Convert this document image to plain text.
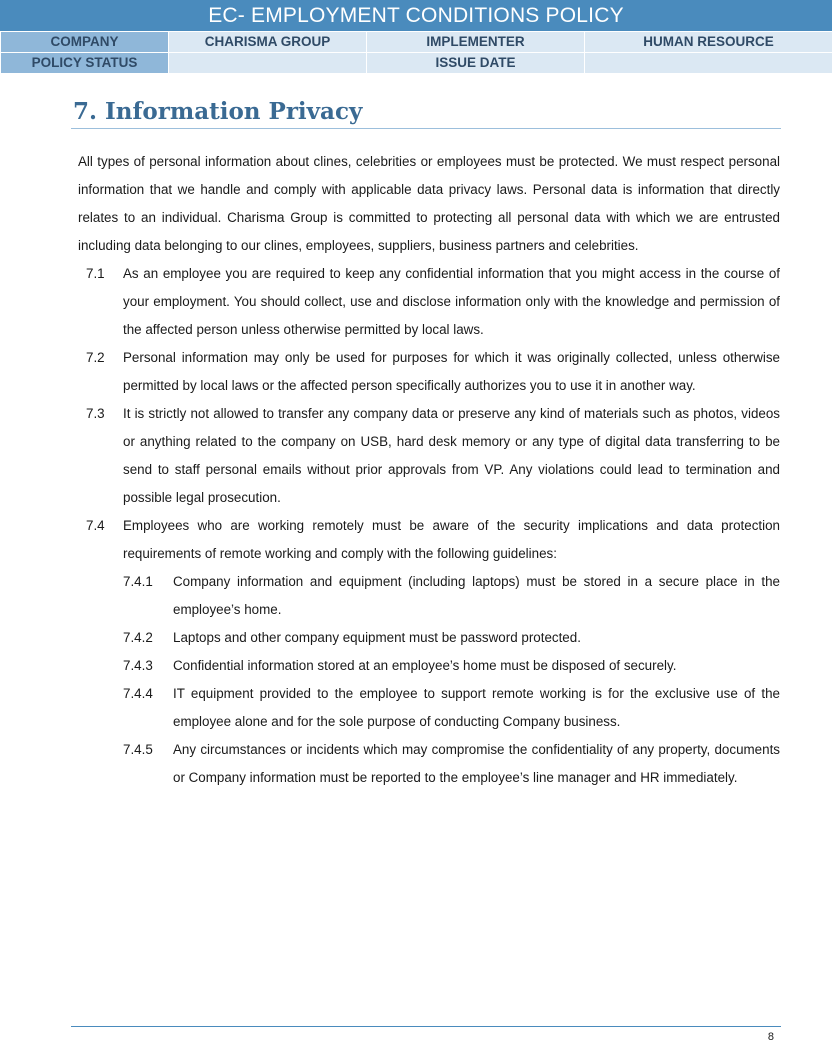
EC- EMPLOYMENT CONDITIONS POLICY
COMPANY	CHARISMA GROUP	IMPLEMENTER	HUMAN RESOURCE
POLICY STATUS		ISSUE DATE	
7. Information Privacy

All types of personal information about clines, celebrities or employees must be protected. We must respect personal information that we handle and comply with applicable data privacy laws. Personal data is information that directly relates to an individual. Charisma Group is committed to protecting all personal data with which we are entrusted including data belonging to our clines, employees, suppliers, business partners and celebrities.

7.1	As an employee you are required to keep any confidential information that you might access in the course of your employment. You should collect, use and disclose information only with the knowledge and permission of the affected person unless otherwise permitted by local laws.
7.2	Personal information may only be used for purposes for which it was originally collected, unless otherwise permitted by local laws or the affected person specifically authorizes you to use it in another way.
7.3	It is strictly not allowed to transfer any company data or preserve any kind of materials such as photos, videos or anything related to the company on USB, hard desk memory or any type of digital data transferring to be send to staff personal emails without prior approvals from VP. Any violations could lead to termination and possible legal prosecution.
7.4	Employees who are working remotely must be aware of the security implications and data protection requirements of remote working and comply with the following guidelines:
7.4.1	Company information and equipment (including laptops) must be stored in a secure place in the employee’s home.
7.4.2	Laptops and other company equipment must be password protected.
7.4.3	Confidential information stored at an employee’s home must be disposed of securely.
7.4.4	IT equipment provided to the employee to support remote working is for the exclusive use of the employee alone and for the sole purpose of conducting Company business.
7.4.5	Any circumstances or incidents which may compromise the confidentiality of any property, documents or Company information must be reported to the employee’s line manager and HR immediately.
8
